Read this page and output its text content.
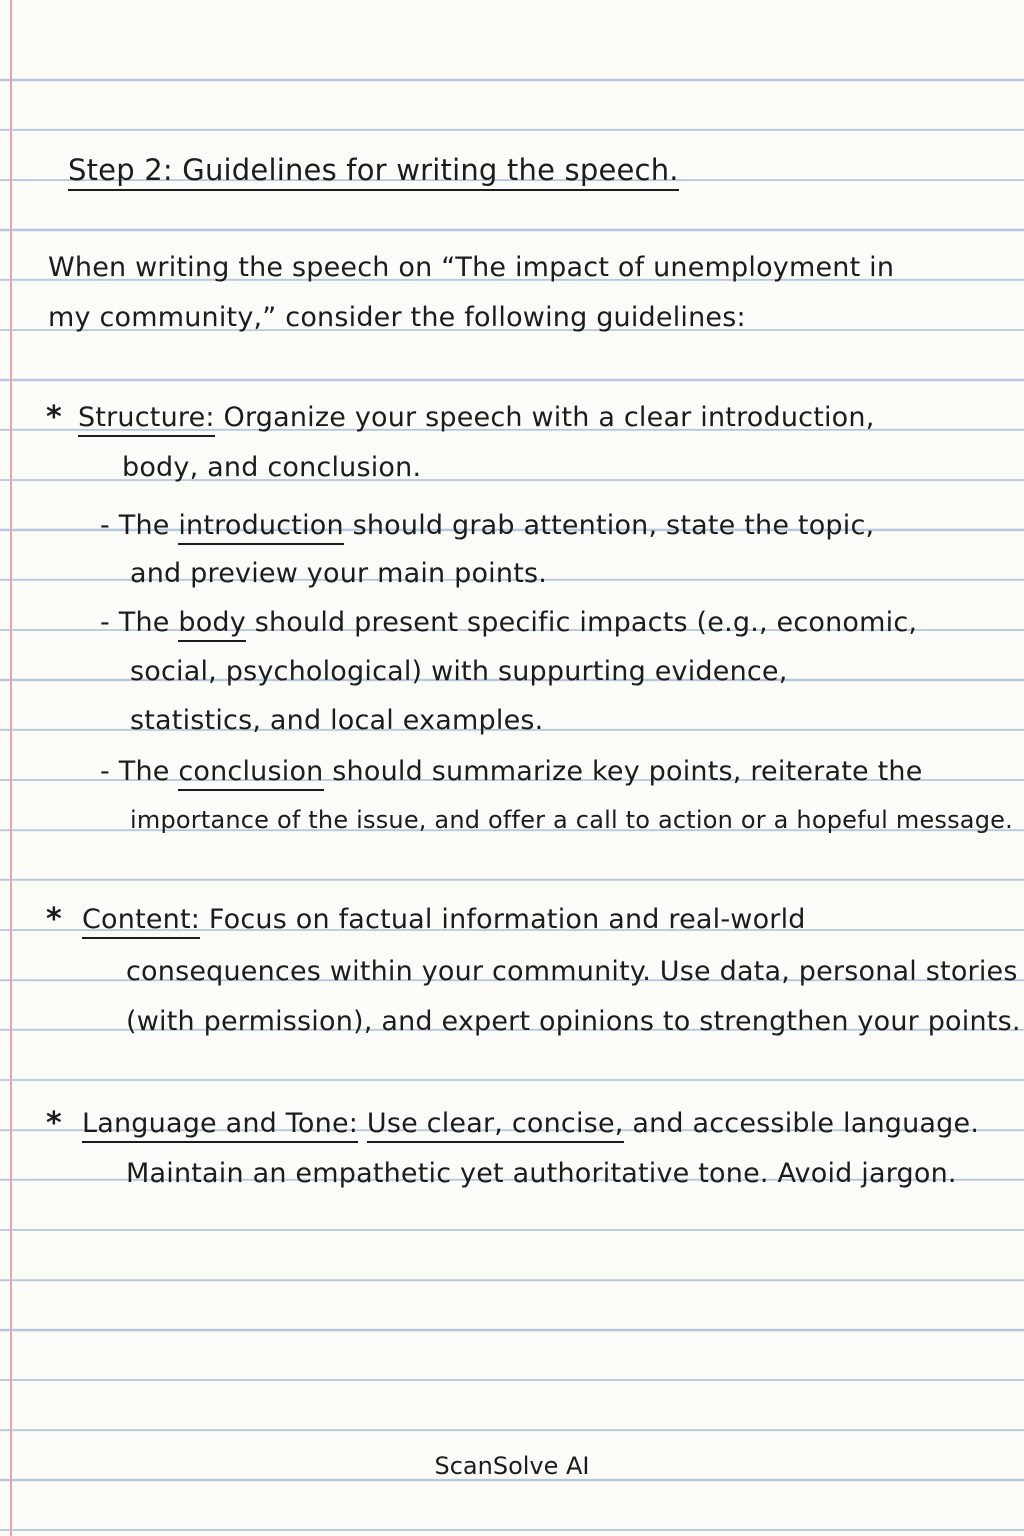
Step 2: Guidelines for writing the speech.
When writing the speech on “The impact of unemployment in
my community,” consider the following guidelines:
* Structure: Organize your speech with a clear introduction,
body, and conclusion.
- The introduction should grab attention, state the topic,
and preview your main points.
- The body should present specific impacts (e.g., economic,
social, psychological) with suppurting evidence,
statistics, and local examples.
- The conclusion should summarize key points, reiterate the
importance of the issue, and offer a call to action or a hopeful message.
* Content: Focus on factual information and real-world
consequences within your community. Use data, personal stories
(with permission), and expert opinions to strengthen your points.
* Language and Tone: Use clear, concise, and accessible language.
Maintain an empathetic yet authoritative tone. Avoid jargon.
ScanSolve AI
